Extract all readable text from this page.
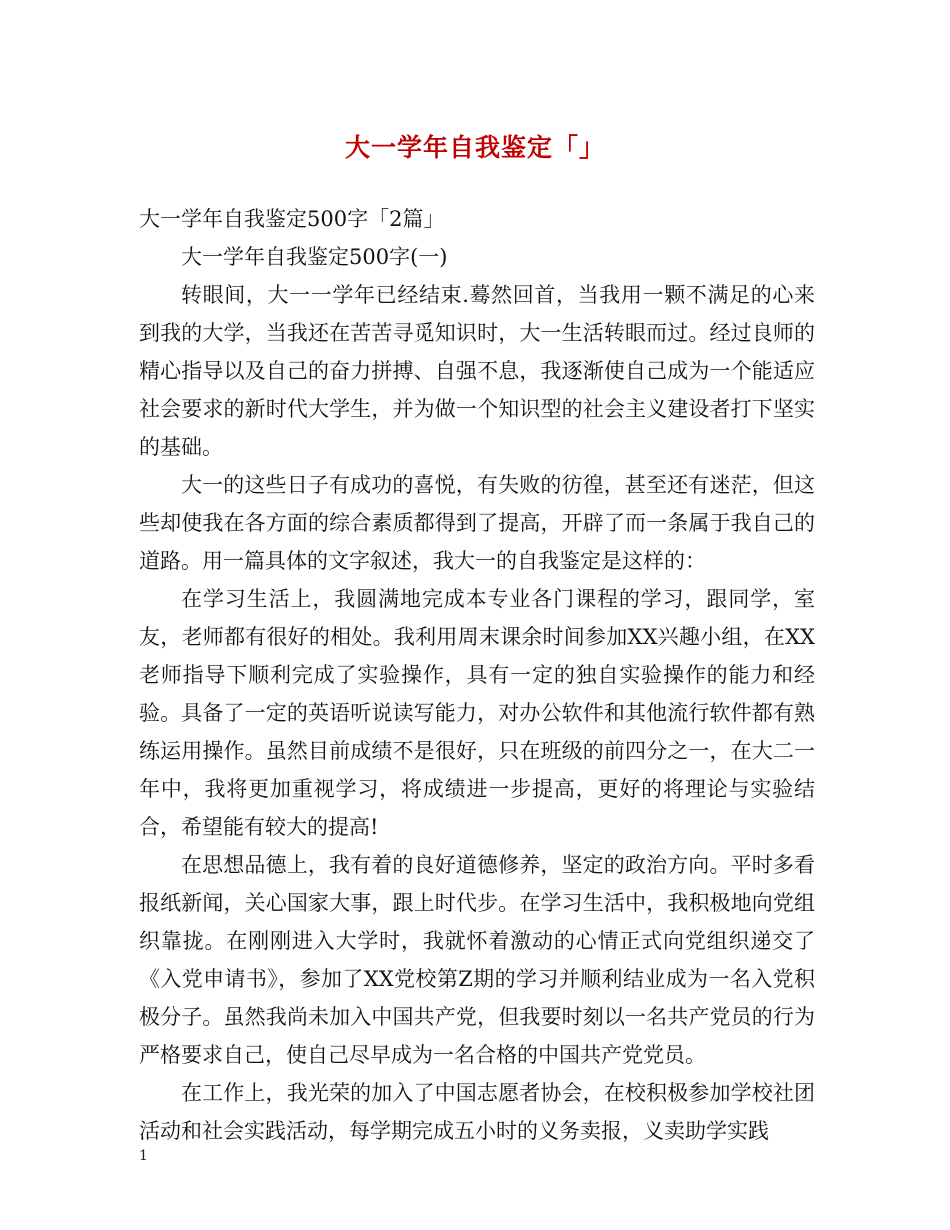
大一学年自我鉴定「」

大一学年自我鉴定500字「2篇」

大一学年自我鉴定500字(一)

转眼间，大一一学年已经结束.蓦然回首，当我用一颗不满足的心来到我的大学，当我还在苦苦寻觅知识时，大一生活转眼而过。经过良师的精心指导以及自己的奋力拼搏、自强不息，我逐渐使自己成为一个能适应社会要求的新时代大学生，并为做一个知识型的社会主义建设者打下坚实的基础。

大一的这些日子有成功的喜悦，有失败的彷徨，甚至还有迷茫，但这些却使我在各方面的综合素质都得到了提高，开辟了而一条属于我自己的道路。用一篇具体的文字叙述，我大一的自我鉴定是这样的：

在学习生活上，我圆满地完成本专业各门课程的学习，跟同学，室友，老师都有很好的相处。我利用周末课余时间参加XX兴趣小组，在XX老师指导下顺利完成了实验操作，具有一定的独自实验操作的能力和经验。具备了一定的英语听说读写能力，对办公软件和其他流行软件都有熟练运用操作。虽然目前成绩不是很好，只在班级的前四分之一，在大二一年中，我将更加重视学习，将成绩进一步提高，更好的将理论与实验结合，希望能有较大的提高!

在思想品德上，我有着的良好道德修养，坚定的政治方向。平时多看报纸新闻，关心国家大事，跟上时代步。在学习生活中，我积极地向党组织靠拢。在刚刚进入大学时，我就怀着激动的心情正式向党组织递交了《入党申请书》，参加了XX党校第Z期的学习并顺利结业成为一名入党积极分子。虽然我尚未加入中国共产党，但我要时刻以一名共产党员的行为严格要求自己，使自己尽早成为一名合格的中国共产党党员。

在工作上，我光荣的加入了中国志愿者协会，在校积极参加学校社团活动和社会实践活动，每学期完成五小时的义务卖报，义卖助学实践

1
